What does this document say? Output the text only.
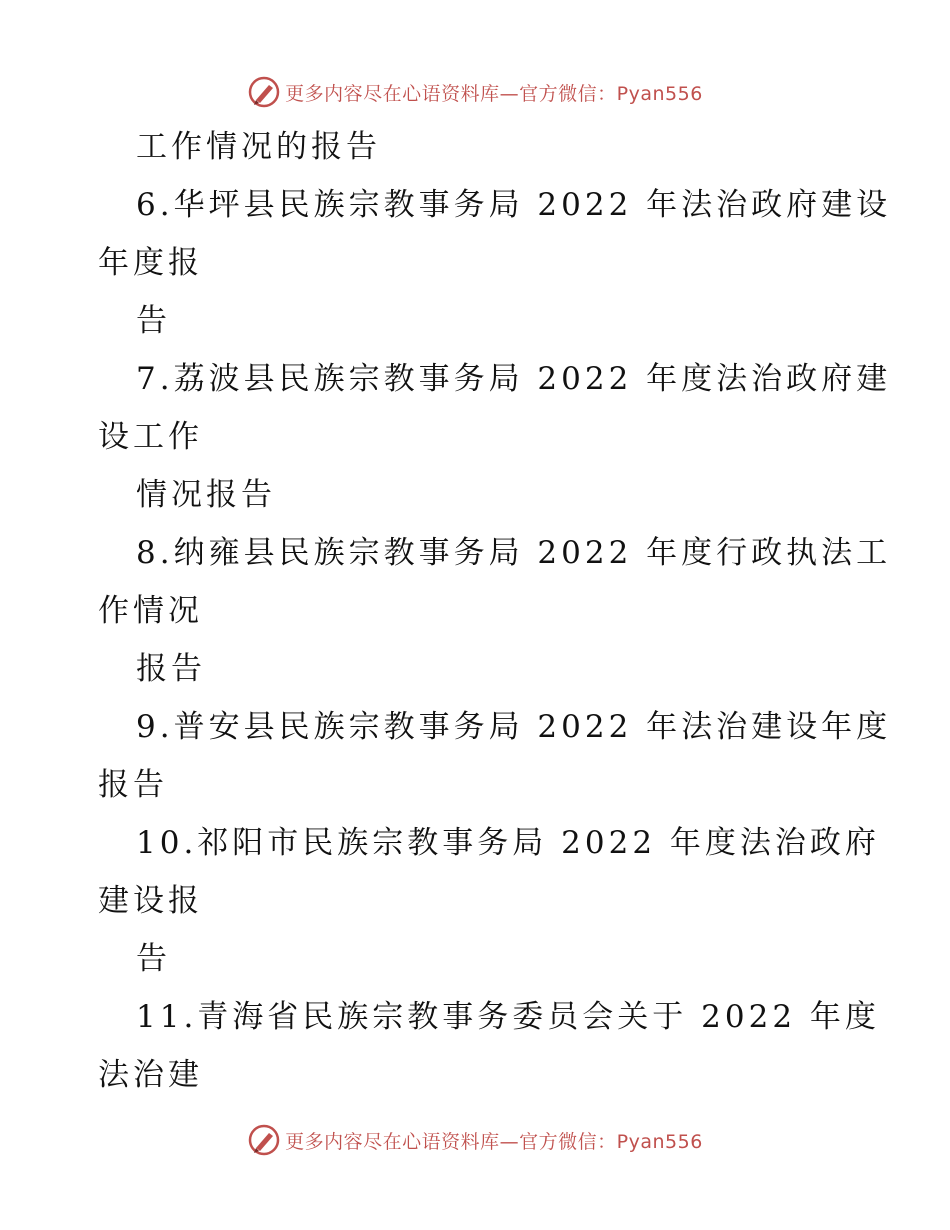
更多内容尽在心语资料库—官方微信：Pyan556
工作情况的报告
6.华坪县民族宗教事务局 2022 年法治政府建设
年度报
告
7.荔波县民族宗教事务局 2022 年度法治政府建
设工作
情况报告
8.纳雍县民族宗教事务局 2022 年度行政执法工
作情况
报告
9.普安县民族宗教事务局 2022 年法治建设年度
报告
10.祁阳市民族宗教事务局 2022 年度法治政府
建设报
告
11.青海省民族宗教事务委员会关于 2022 年度
法治建
更多内容尽在心语资料库—官方微信：Pyan556
